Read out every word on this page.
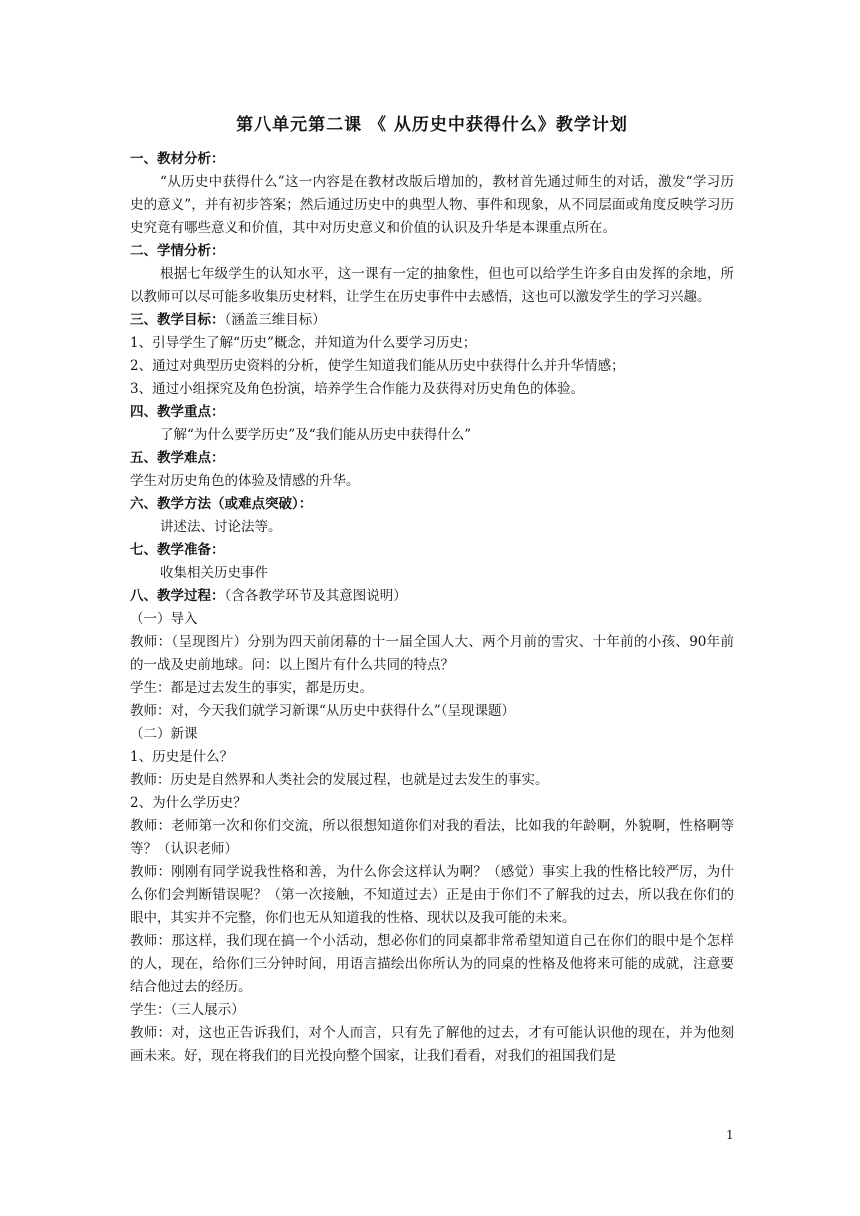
第八单元第二课 《 从历史中获得什么》教学计划
一、教材分析：
“从历史中获得什么”这一内容是在教材改版后增加的，教材首先通过师生的对话，激发“学习历史的意义”，并有初步答案；然后通过历史中的典型人物、事件和现象，从不同层面或角度反映学习历史究竟有哪些意义和价值，其中对历史意义和价值的认识及升华是本课重点所在。
二、学情分析：
根据七年级学生的认知水平，这一课有一定的抽象性，但也可以给学生许多自由发挥的余地，所以教师可以尽可能多收集历史材料，让学生在历史事件中去感悟，这也可以激发学生的学习兴趣。
三、教学目标：（涵盖三维目标）
1、引导学生了解“历史”概念，并知道为什么要学习历史；
2、通过对典型历史资料的分析，使学生知道我们能从历史中获得什么并升华情感；
3、通过小组探究及角色扮演，培养学生合作能力及获得对历史角色的体验。
四、教学重点：
了解“为什么要学历史”及“我们能从历史中获得什么”
五、教学难点：
学生对历史角色的体验及情感的升华。
六、教学方法（或难点突破）：
讲述法、讨论法等。
七、教学准备：
收集相关历史事件
八、教学过程：（含各教学环节及其意图说明）
（一）导入
教师：（呈现图片）分别为四天前闭幕的十一届全国人大、两个月前的雪灾、十年前的小孩、90年前的一战及史前地球。问：以上图片有什么共同的特点？
学生：都是过去发生的事实，都是历史。
教师：对，今天我们就学习新课“从历史中获得什么”（呈现课题）
（二）新课
1、历史是什么？
教师：历史是自然界和人类社会的发展过程，也就是过去发生的事实。
2、为什么学历史？
教师：老师第一次和你们交流，所以很想知道你们对我的看法，比如我的年龄啊，外貌啊，性格啊等等？（认识老师）
教师：刚刚有同学说我性格和善，为什么你会这样认为啊？（感觉）事实上我的性格比较严厉，为什么你们会判断错误呢？（第一次接触，不知道过去）正是由于你们不了解我的过去，所以我在你们的眼中，其实并不完整，你们也无从知道我的性格、现状以及我可能的未来。
教师：那这样，我们现在搞一个小活动，想必你们的同桌都非常希望知道自己在你们的眼中是个怎样的人，现在，给你们三分钟时间，用语言描绘出你所认为的同桌的性格及他将来可能的成就，注意要结合他过去的经历。
学生：（三人展示）
教师：对，这也正告诉我们，对个人而言，只有先了解他的过去，才有可能认识他的现在，并为他刻画未来。好，现在将我们的目光投向整个国家，让我们看看，对我们的祖国我们是
1
